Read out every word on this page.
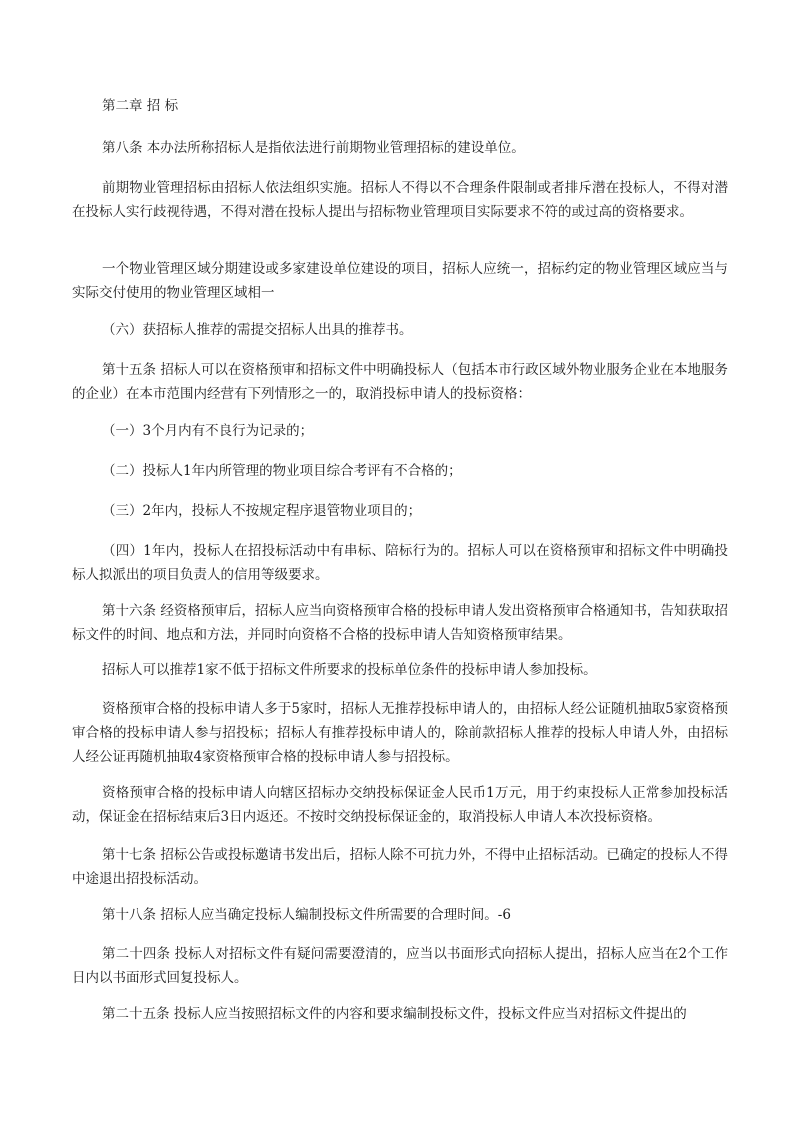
第二章 招 标

第八条 本办法所称招标人是指依法进行前期物业管理招标的建设单位。

前期物业管理招标由招标人依法组织实施。招标人不得以不合理条件限制或者排斥潜在投标人，不得对潜在投标人实行歧视待遇，不得对潜在投标人提出与招标物业管理项目实际要求不符的或过高的资格要求。

一个物业管理区域分期建设或多家建设单位建设的项目，招标人应统一，招标约定的物业管理区域应当与实际交付使用的物业管理区域相一

（六）获招标人推荐的需提交招标人出具的推荐书。

第十五条 招标人可以在资格预审和招标文件中明确投标人（包括本市行政区域外物业服务企业在本地服务的企业）在本市范围内经营有下列情形之一的，取消投标申请人的投标资格：

（一）3个月内有不良行为记录的；

（二）投标人1年内所管理的物业项目综合考评有不合格的；

（三）2年内，投标人不按规定程序退管物业项目的；

（四）1年内，投标人在招投标活动中有串标、陪标行为的。招标人可以在资格预审和招标文件中明确投标人拟派出的项目负责人的信用等级要求。

第十六条 经资格预审后，招标人应当向资格预审合格的投标申请人发出资格预审合格通知书，告知获取招标文件的时间、地点和方法，并同时向资格不合格的投标申请人告知资格预审结果。

招标人可以推荐1家不低于招标文件所要求的投标单位条件的投标申请人参加投标。

资格预审合格的投标申请人多于5家时，招标人无推荐投标申请人的，由招标人经公证随机抽取5家资格预审合格的投标申请人参与招投标；招标人有推荐投标申请人的，除前款招标人推荐的投标人申请人外，由招标人经公证再随机抽取4家资格预审合格的投标申请人参与招投标。

资格预审合格的投标申请人向辖区招标办交纳投标保证金人民币1万元，用于约束投标人正常参加投标活动，保证金在招标结束后3日内返还。不按时交纳投标保证金的，取消投标人申请人本次投标资格。

第十七条 招标公告或投标邀请书发出后，招标人除不可抗力外，不得中止招标活动。已确定的投标人不得中途退出招投标活动。

第十八条 招标人应当确定投标人编制投标文件所需要的合理时间。-6

第二十四条 投标人对招标文件有疑问需要澄清的，应当以书面形式向招标人提出，招标人应当在2个工作日内以书面形式回复投标人。

第二十五条 投标人应当按照招标文件的内容和要求编制投标文件，投标文件应当对招标文件提出的
